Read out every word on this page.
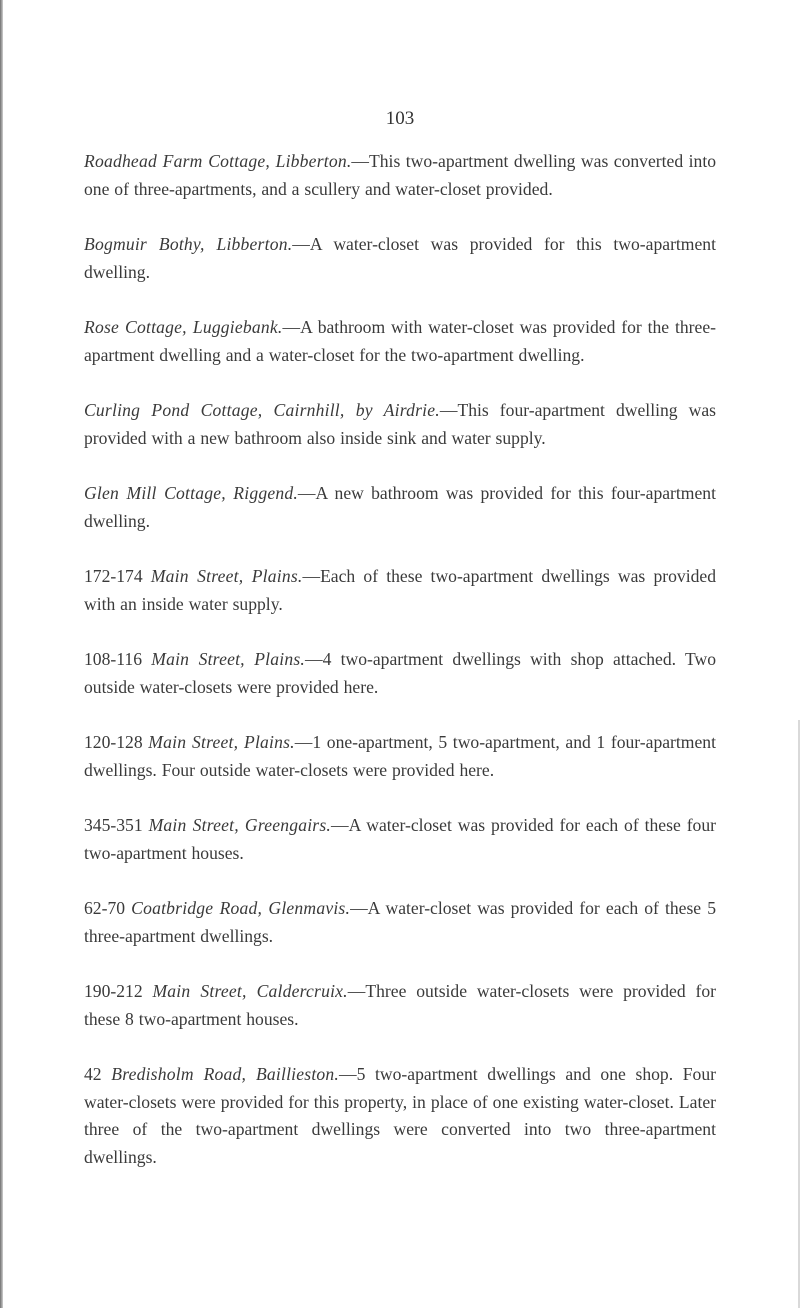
103

Roadhead Farm Cottage, Libberton.—This two-apartment dwelling was converted into one of three-apartments, and a scullery and water-closet provided.

Bogmuir Bothy, Libberton.—A water-closet was provided for this two-apartment dwelling.

Rose Cottage, Luggiebank.—A bathroom with water-closet was provided for the three-apartment dwelling and a water-closet for the two-apartment dwelling.

Curling Pond Cottage, Cairnhill, by Airdrie.—This four-apartment dwelling was provided with a new bathroom also inside sink and water supply.

Glen Mill Cottage, Riggend.—A new bathroom was provided for this four-apartment dwelling.

172-174 Main Street, Plains.—Each of these two-apartment dwellings was provided with an inside water supply.

108-116 Main Street, Plains.—4 two-apartment dwellings with shop attached. Two outside water-closets were provided here.

120-128 Main Street, Plains.—1 one-apartment, 5 two-apartment, and 1 four-apartment dwellings. Four outside water-closets were provided here.

345-351 Main Street, Greengairs.—A water-closet was provided for each of these four two-apartment houses.

62-70 Coatbridge Road, Glenmavis.—A water-closet was provided for each of these 5 three-apartment dwellings.

190-212 Main Street, Caldercruix.—Three outside water-closets were provided for these 8 two-apartment houses.

42 Bredisholm Road, Baillieston.—5 two-apartment dwellings and one shop. Four water-closets were provided for this property, in place of one existing water-closet. Later three of the two-apartment dwellings were converted into two three-apartment dwellings.
